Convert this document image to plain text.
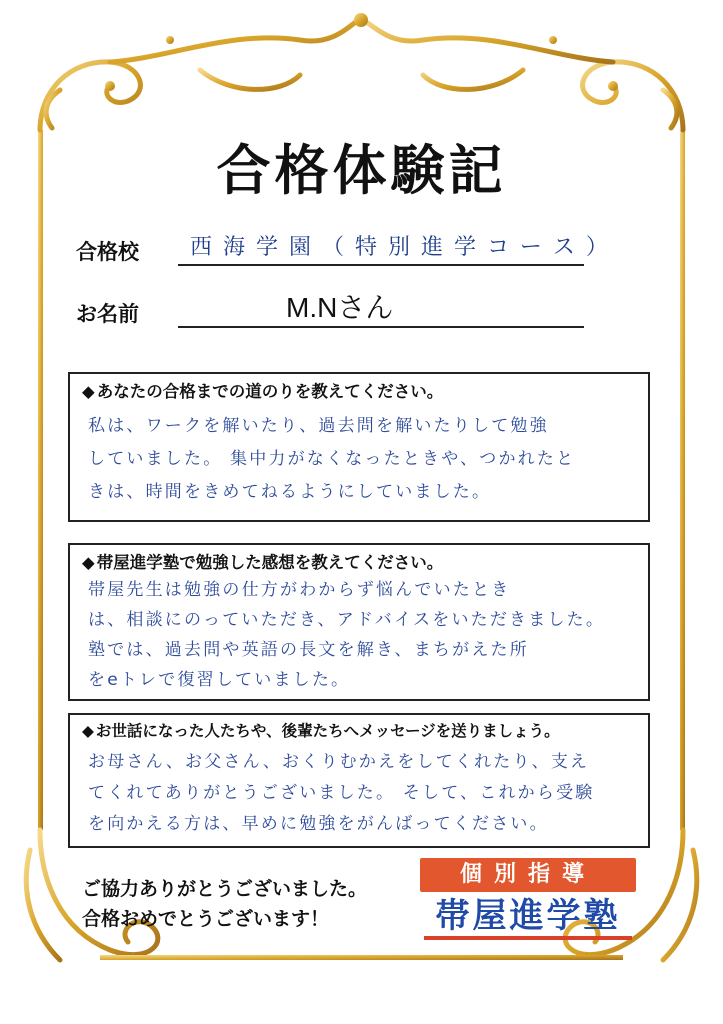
合格体験記
合格校 西 海 学 園 （ 特 別 進 学 コ ー ス ）
お名前	M.Nさん
◆ あなたの合格までの道のりを教えてください。
私は、ワークを解いたり、過去問を解いたりして勉強
していました。 集中力がなくなったときや、つかれたと
きは、時間をきめてねるようにしていました。
◆ 帯屋進学塾で勉強した感想を教えてください。
帯屋先生は勉強の仕方がわからず悩んでいたとき
は、相談にのっていただき、アドバイスをいただきました。
塾では、過去問や英語の長文を解き、まちがえた所
をeトレで復習していました。
◆ お世話になった人たちや、後輩たちへメッセージを送りましょう。
お母さん、お父さん、おくりむかえをしてくれたり、支え
てくれてありがとうございました。 そして、これから受験
を向かえる方は、早めに勉強をがんばってください。
ご協力ありがとうございました。
合格おめでとうございます！
個別指導
帯屋進学塾
